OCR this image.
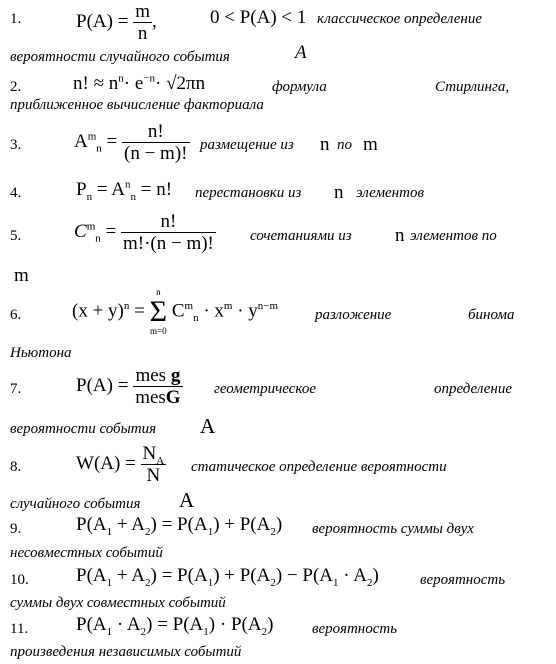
1.	$P(A) = \frac{m}{n}$ ,	0 < P(A) < 1 классическое определение
вероятности случайного события	A
2.	n! ≈ $n^n\cdot e^{-n}\cdot √2\pi n$	формула	Стирлинга,
приближенное вычисление факториала
3.	$A^m_n = \frac{n!}{(n - m)!}$ размещение из n по m
4.	$P_n = A^n_n = n$! перестановки из n элементов
5.	$C^m_n = \frac{n!}{m!\cdot(n - m)!}$ сочетаниями из n элементов по
m
6.	$(x + y)^n$ =
n
Σ
m=0
$C^m_n \cdot x^m \cdot y^{n-m}$
разложение	бинома
Ньютона
7.	$P(A) = \frac{\text{mes g}}{\text{mesG}}$ геометрическое	определение
вероятности события A
8.	$W(A) = \frac{N_A}{N}$ статическое определение вероятности
случайного события A
9.	$P(A_1 + A_2) = P(A_1) + P(A_2)$ вероятность суммы двух
несовместных событий
10. $P(A_1 + A_2) = P(A_1) + P(A_2) - P(A_1 \cdot A_2)$	вероятность
суммы двух совместных событий
11.	$P(A_1 \cdot A_2) = P(A_1) \cdot P(A_2)$	вероятность
произведения независимых событий
